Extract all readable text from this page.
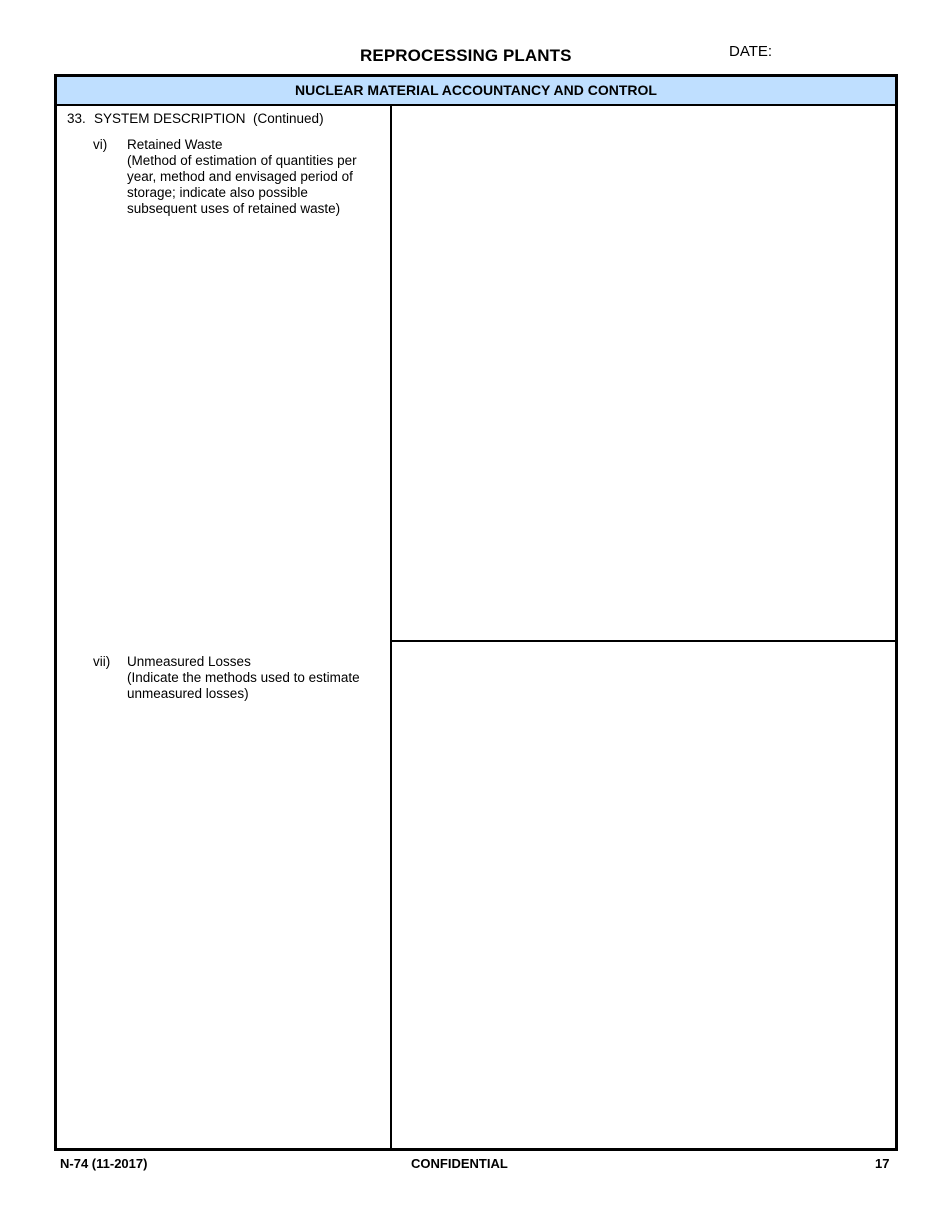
REPROCESSING PLANTS	DATE:
NUCLEAR MATERIAL ACCOUNTANCY AND CONTROL
33. SYSTEM DESCRIPTION  (Continued)
vi) Retained Waste
(Method of estimation of quantities per year, method and envisaged period of storage; indicate also possible subsequent uses of retained waste)
vii) Unmeasured Losses
(Indicate the methods used to estimate unmeasured losses)
N-74 (11-2017)	CONFIDENTIAL	17
